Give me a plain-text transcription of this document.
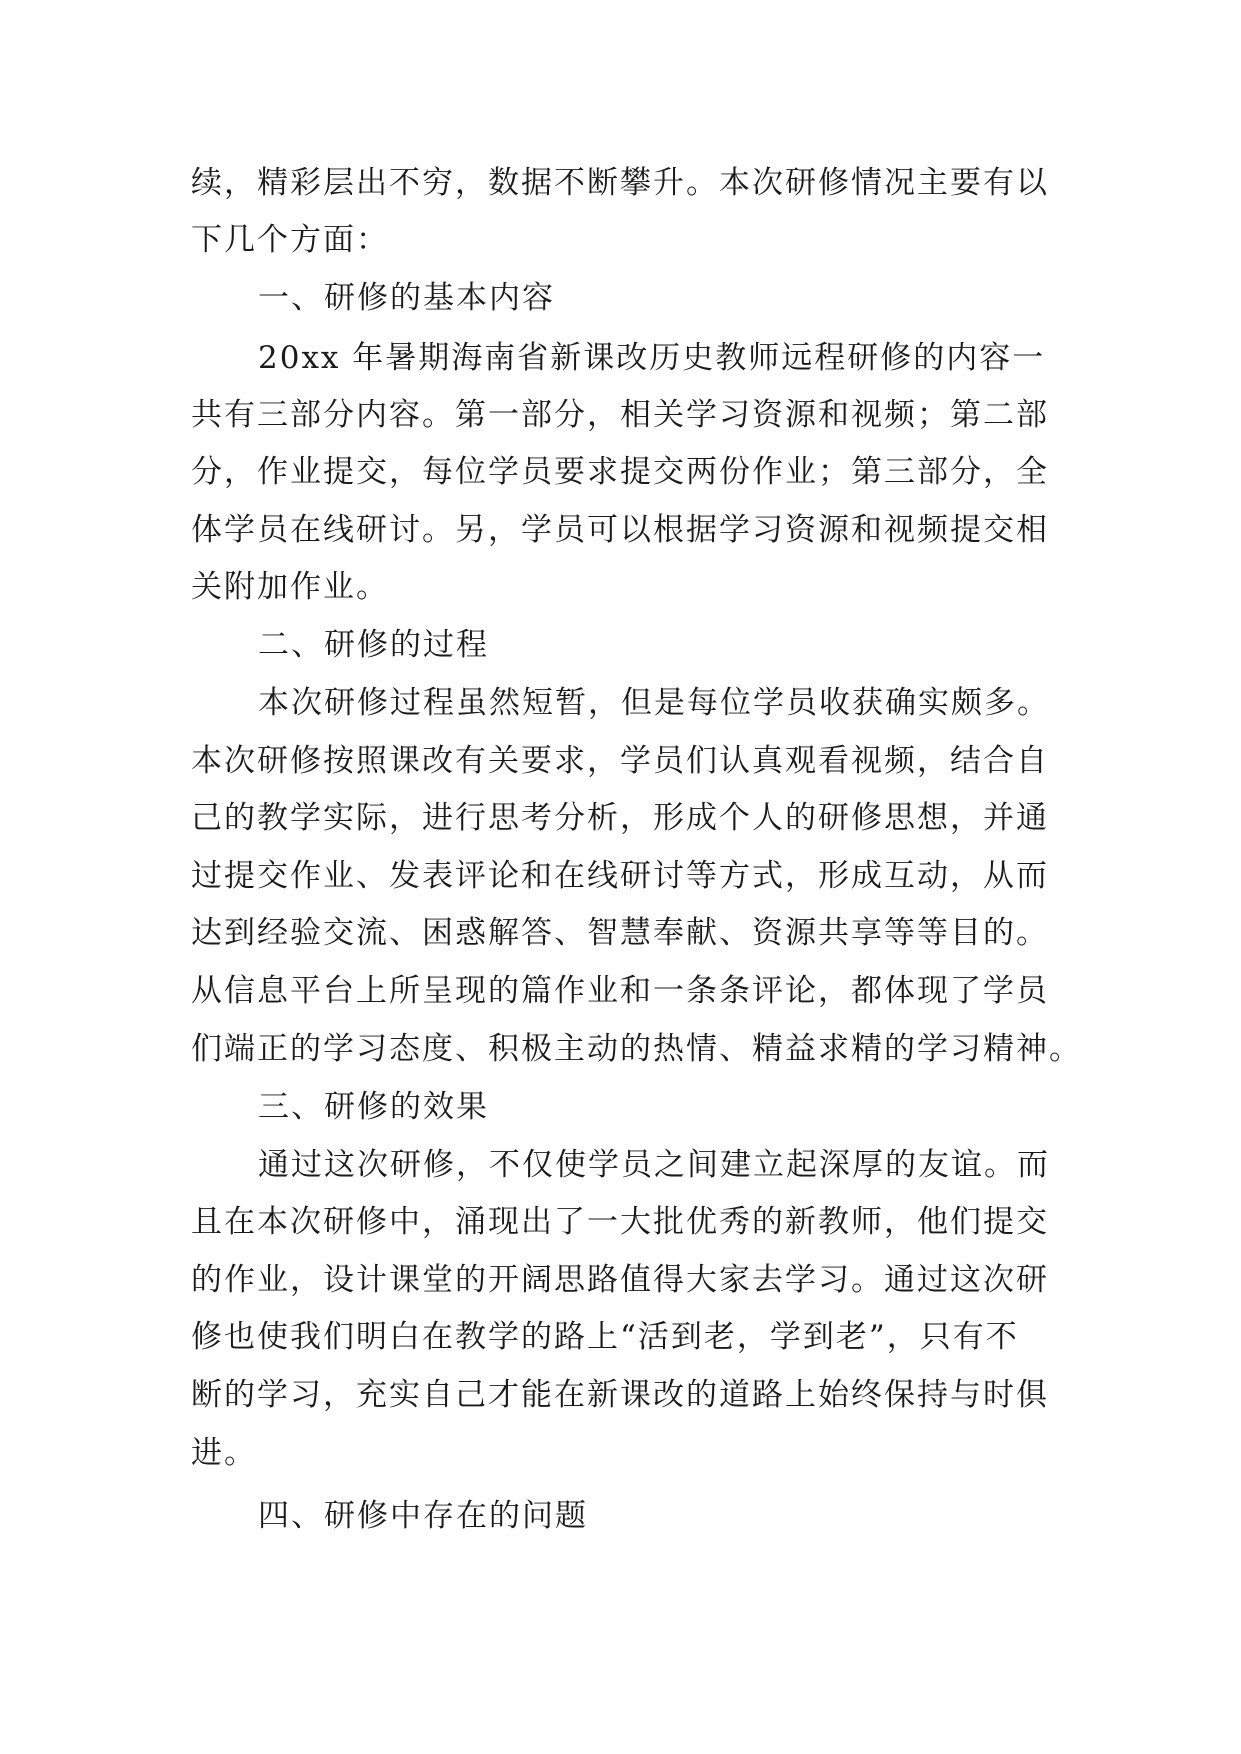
续，精彩层出不穷，数据不断攀升。本次研修情况主要有以

下几个方面：

一、研修的基本内容

20xx 年暑期海南省新课改历史教师远程研修的内容一

共有三部分内容。第一部分，相关学习资源和视频；第二部

分，作业提交，每位学员要求提交两份作业；第三部分，全

体学员在线研讨。另，学员可以根据学习资源和视频提交相

关附加作业。

二、研修的过程

本次研修过程虽然短暂，但是每位学员收获确实颇多。

本次研修按照课改有关要求，学员们认真观看视频，结合自

己的教学实际，进行思考分析，形成个人的研修思想，并通

过提交作业、发表评论和在线研讨等方式，形成互动，从而

达到经验交流、困惑解答、智慧奉献、资源共享等等目的。

从信息平台上所呈现的篇作业和一条条评论，都体现了学员

们端正的学习态度、积极主动的热情、精益求精的学习精神。

三、研修的效果

通过这次研修，不仅使学员之间建立起深厚的友谊。而

且在本次研修中，涌现出了一大批优秀的新教师，他们提交

的作业，设计课堂的开阔思路值得大家去学习。通过这次研

修也使我们明白在教学的路上“活到老，学到老”，只有不

断的学习，充实自己才能在新课改的道路上始终保持与时俱

进。

四、研修中存在的问题
